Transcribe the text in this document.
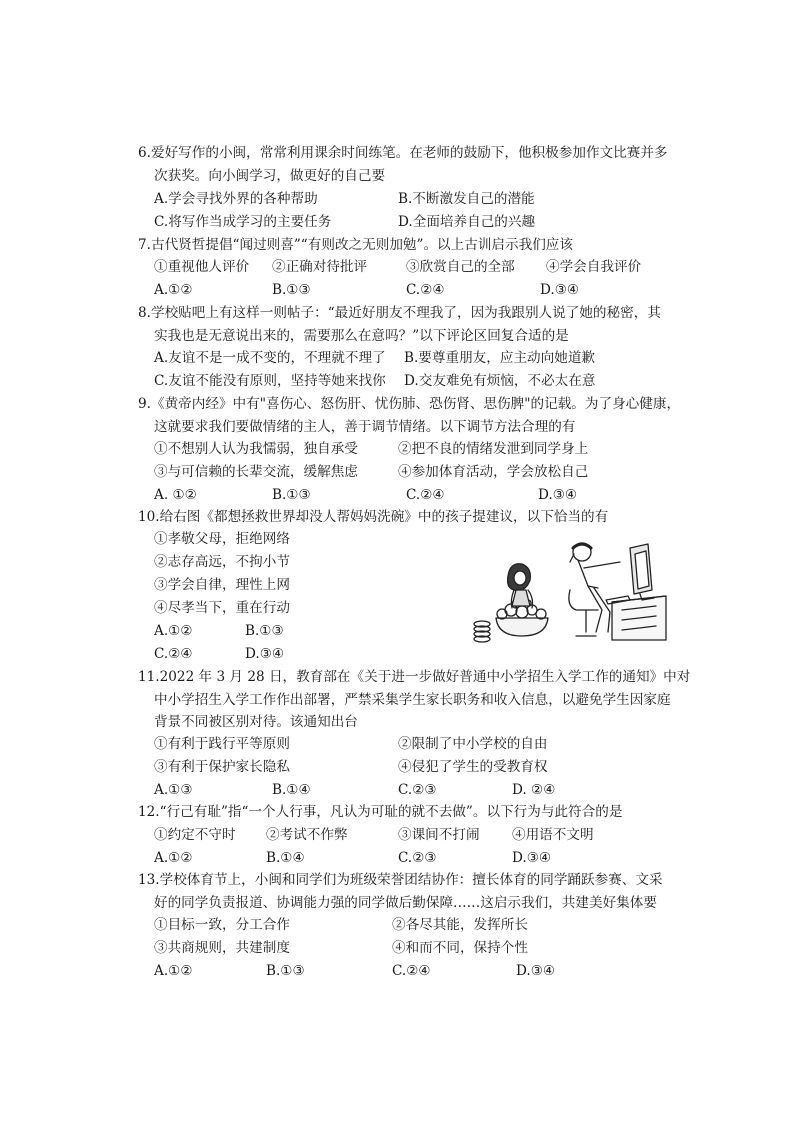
6.爱好写作的小闽，常常利用课余时间练笔。在老师的鼓励下，他积极参加作文比赛并多
次获奖。向小闽学习，做更好的自己要
A.学会寻找外界的各种帮助	B.不断激发自己的潜能
C.将写作当成学习的主要任务	D.全面培养自己的兴趣
7.古代贤哲提倡“闻过则喜”“有则改之无则加勉”。以上古训启示我们应该
①重视他人评价 ②正确对待批评	③欣赏自己的全部 ④学会自我评价
A.①②	B.①③	C.②④	D.③④
8.学校贴吧上有这样一则帖子：“最近好朋友不理我了，因为我跟别人说了她的秘密，其
实我也是无意说出来的，需要那么在意吗？”以下评论区回复合适的是
A.友谊不是一成不变的，不理就不理了 B.要尊重朋友，应主动向她道歉
C.友谊不能没有原则，坚持等她来找你 D.交友难免有烦恼，不必太在意
9.《黄帝内经》中有"喜伤心、怒伤肝、忧伤肺、恐伤肾、思伤脾"的记载。为了身心健康，
这就要求我们要做情绪的主人，善于调节情绪。以下调节方法合理的有
①不想别人认为我懦弱，独自承受	②把不良的情绪发泄到同学身上
③与可信赖的长辈交流，缓解焦虑	④参加体育活动，学会放松自己
A. ①②	B.①③	C.②④	D.③④
10.给右图《都想拯救世界却没人帮妈妈洗碗》中的孩子提建议，以下恰当的有
①孝敬父母，拒绝网络
②志存高远，不拘小节
③学会自律，理性上网
④尽孝当下，重在行动
A.①②	B.①③
C.②④	D.③④
11.2022 年 3 月 28 日，教育部在《关于进一步做好普通中小学招生入学工作的通知》中对
中小学招生入学工作作出部署，严禁采集学生家长职务和收入信息，以避免学生因家庭
背景不同被区别对待。该通知出台
①有利于践行平等原则	②限制了中小学校的自由
③有利于保护家长隐私	④侵犯了学生的受教育权
A.①③	B.①④	C.②③	D. ②④
12.“行己有耻”指“一个人行事，凡认为可耻的就不去做”。以下行为与此符合的是
①约定不守时 ②考试不作弊	③课间不打闹 ④用语不文明
A.①②	B.①④	C.②③	D.③④
13.学校体育节上，小闽和同学们为班级荣誉团结协作：擅长体育的同学踊跃参赛、文采
好的同学负责报道、协调能力强的同学做后勤保障……这启示我们，共建美好集体要
①目标一致，分工合作	②各尽其能，发挥所长
③共商规则，共建制度	④和而不同，保持个性
A.①②	B.①③	C.②④	D.③④
